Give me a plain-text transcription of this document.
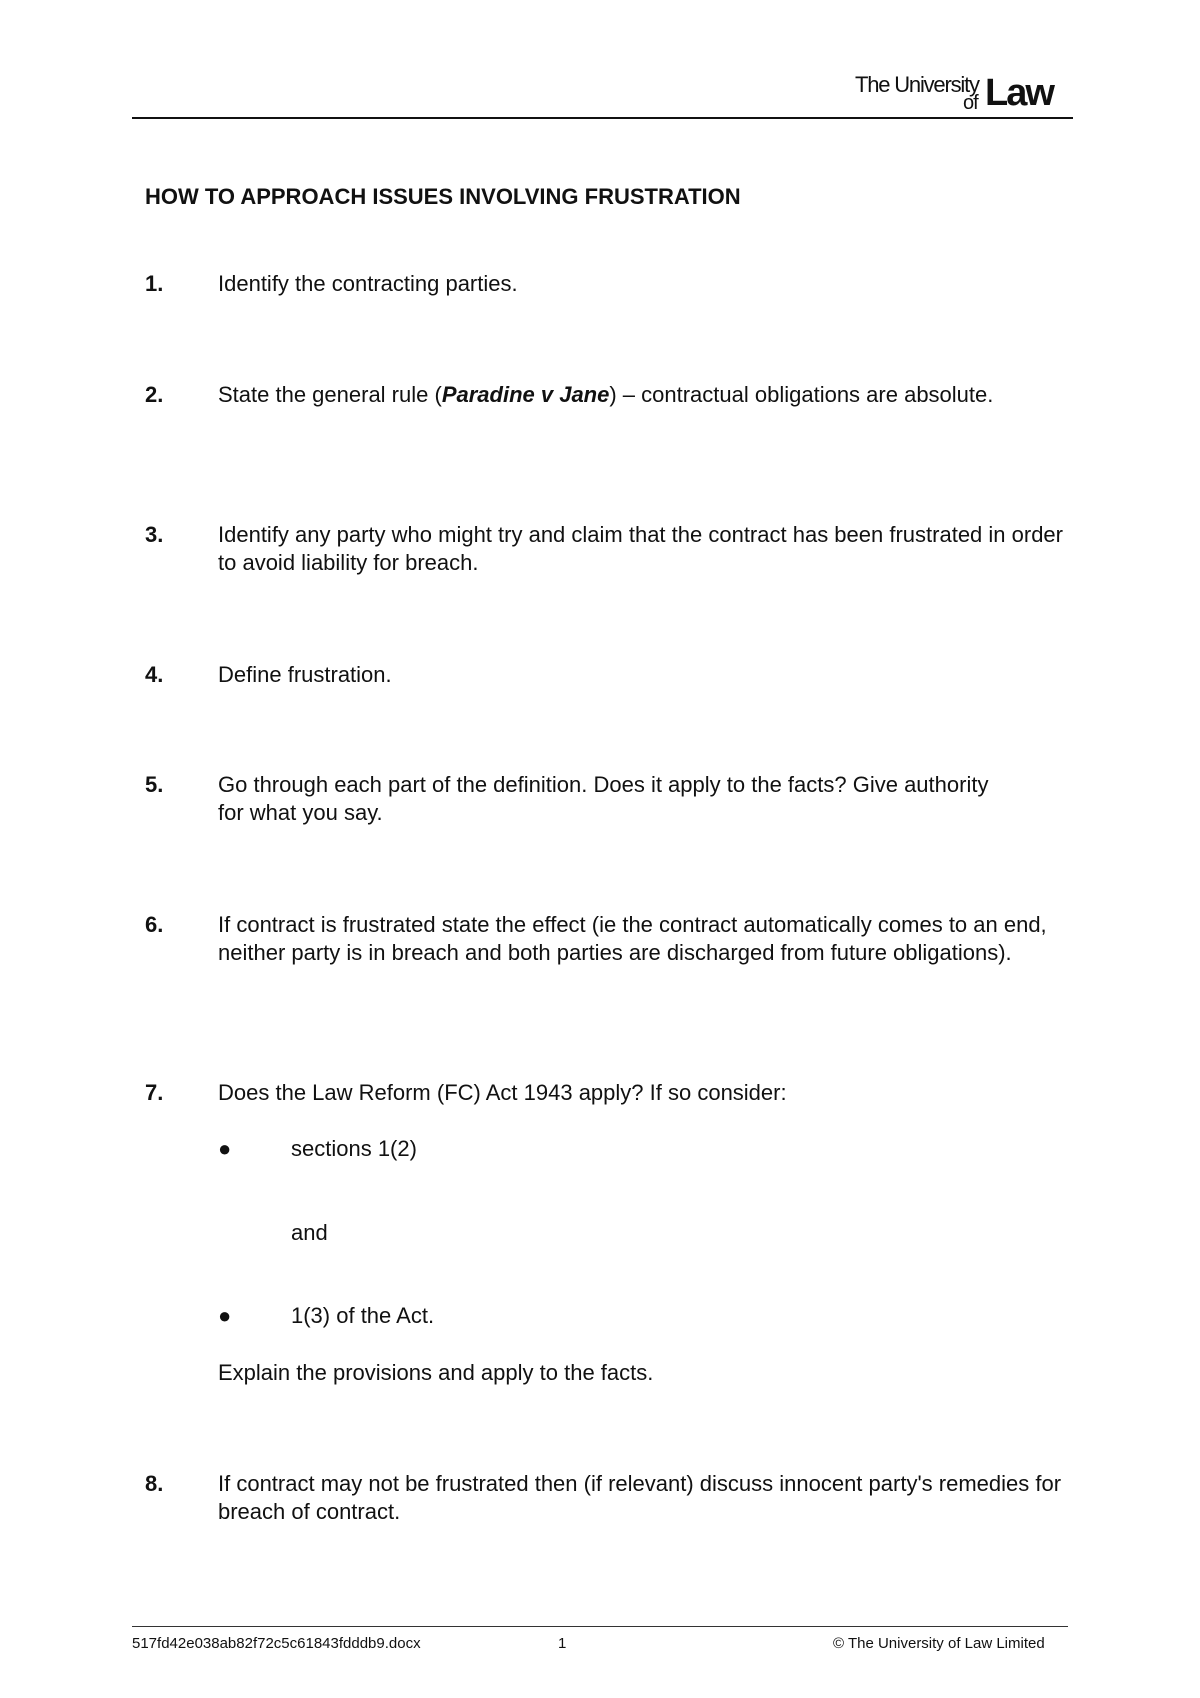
The University
of Law
HOW TO APPROACH ISSUES INVOLVING FRUSTRATION
1. Identify the contracting parties.
2. State the general rule (Paradine v Jane) – contractual obligations are absolute.
3. Identify any party who might try and claim that the contract has been frustrated in order to avoid liability for breach.
4. Define frustration.
5. Go through each part of the definition. Does it apply to the facts? Give authority for what you say.
6. If contract is frustrated state the effect (ie the contract automatically comes to an end, neither party is in breach and both parties are discharged from future obligations).
7. Does the Law Reform (FC) Act 1943 apply? If so consider:
●	sections 1(2)
and
●	1(3) of the Act.
Explain the provisions and apply to the facts.
8. If contract may not be frustrated then (if relevant) discuss innocent party's remedies for breach of contract.
517fd42e038ab82f72c5c61843fdddb9.docx	1	© The University of Law Limited
